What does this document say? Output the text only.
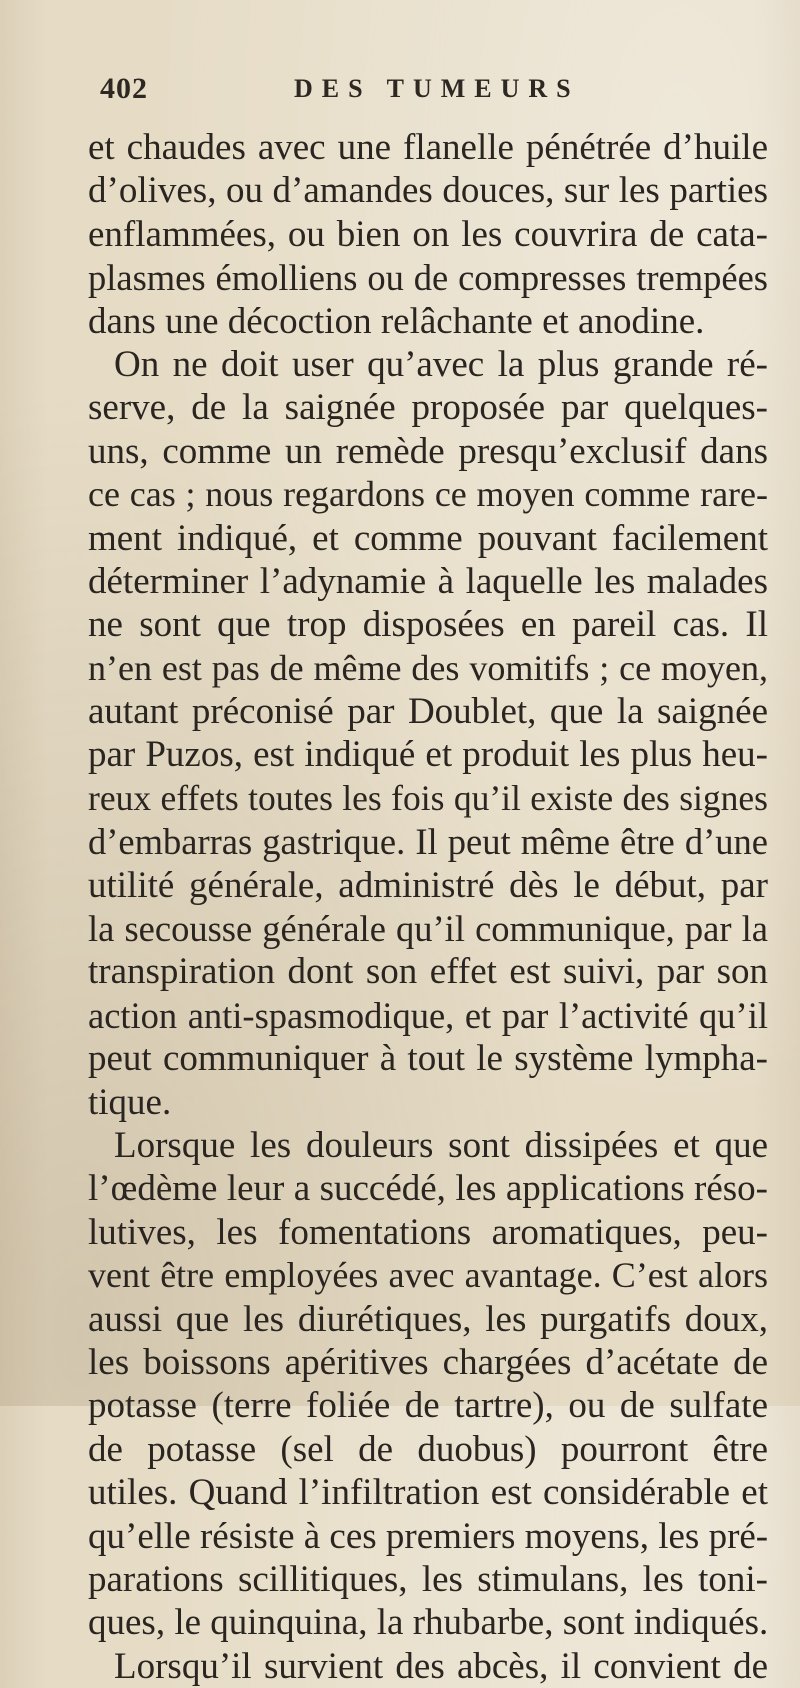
402	DES TUMEURS
et chaudes avec une flanelle pénétrée d’huile
d’olives, ou d’amandes douces, sur les parties
enflammées, ou bien on les couvrira de cata-
plasmes émolliens ou de compresses trempées
dans une décoction relâchante et anodine.
On ne doit user qu’avec la plus grande ré-
serve, de la saignée proposée par quelques-
uns, comme un remède presqu’exclusif dans
ce cas ; nous regardons ce moyen comme rare-
ment indiqué, et comme pouvant facilement
déterminer l’adynamie à laquelle les malades
ne sont que trop disposées en pareil cas. Il
n’en est pas de même des vomitifs ; ce moyen,
autant préconisé par Doublet, que la saignée
par Puzos, est indiqué et produit les plus heu-
reux effets toutes les fois qu’il existe des signes
d’embarras gastrique. Il peut même être d’une
utilité générale, administré dès le début, par
la secousse générale qu’il communique, par la
transpiration dont son effet est suivi, par son
action anti-spasmodique, et par l’activité qu’il
peut communiquer à tout le système lympha-
tique.
Lorsque les douleurs sont dissipées et que
l’œdème leur a succédé, les applications réso-
lutives, les fomentations aromatiques, peu-
vent être employées avec avantage. C’est alors
aussi que les diurétiques, les purgatifs doux,
les boissons apéritives chargées d’acétate de
potasse (terre foliée de tartre), ou de sulfate
de potasse (sel de duobus) pourront être
utiles. Quand l’infiltration est considérable et
qu’elle résiste à ces premiers moyens, les pré-
parations scillitiques, les stimulans, les toni-
ques, le quinquina, la rhubarbe, sont indiqués.
Lorsqu’il survient des abcès, il convient de
